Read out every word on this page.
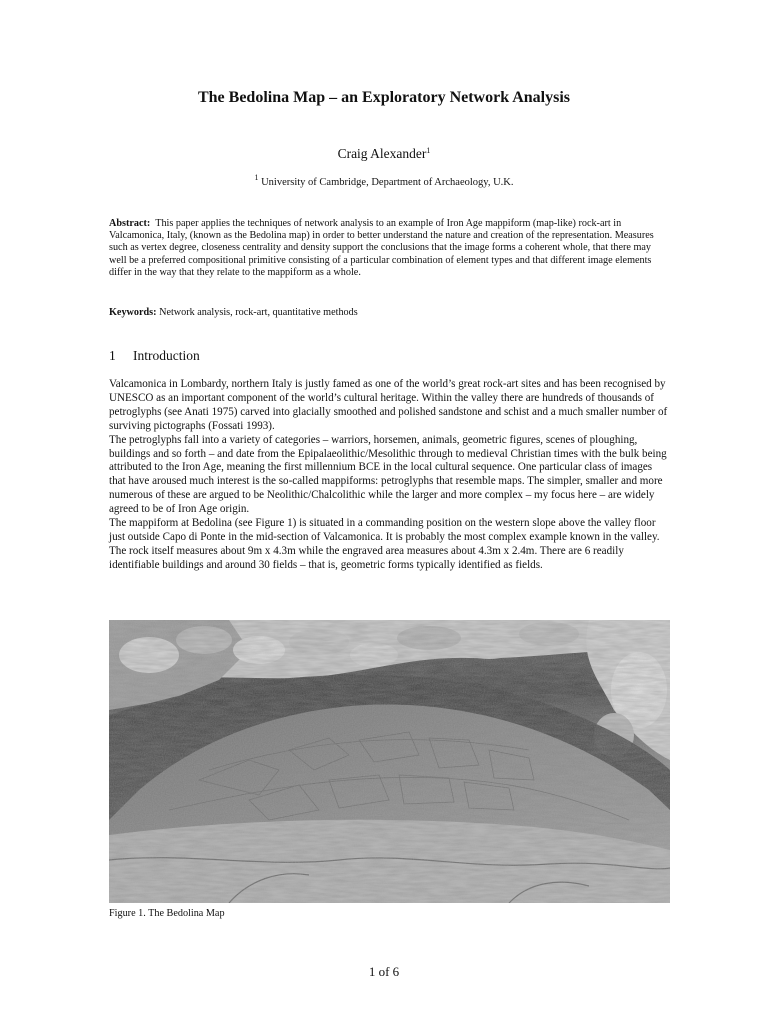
The Bedolina Map – an Exploratory Network Analysis
Craig Alexander$^1$
$^1$ University of Cambridge, Department of Archaeology, U.K.
Abstract: This paper applies the techniques of network analysis to an example of Iron Age mappiform (map-like) rock-art in Valcamonica, Italy, (known as the Bedolina map) in order to better understand the nature and creation of the representation. Measures such as vertex degree, closeness centrality and density support the conclusions that the image forms a coherent whole, that there may well be a preferred compositional primitive consisting of a particular combination of element types and that different image elements differ in the way that they relate to the mappiform as a whole.
Keywords: Network analysis, rock-art, quantitative methods
1 Introduction

Valcamonica in Lombardy, northern Italy is justly famed as one of the world’s great rock-art sites and has been recognised by UNESCO as an important component of the world’s cultural heritage. Within the valley there are hundreds of thousands of petroglyphs (see Anati 1975) carved into glacially smoothed and polished sandstone and schist and a much smaller number of surviving pictographs (Fossati 1993).

The petroglyphs fall into a variety of categories – warriors, horsemen, animals, geometric figures, scenes of ploughing, buildings and so forth – and date from the Epipalaeolithic/Mesolithic through to medieval Christian times with the bulk being attributed to the Iron Age, meaning the first millennium BCE in the local cultural sequence. One particular class of images that have aroused much interest is the so-called mappiforms: petroglyphs that resemble maps. The simpler, smaller and more numerous of these are argued to be Neolithic/Chalcolithic while the larger and more complex – my focus here – are widely agreed to be of Iron Age origin.

The mappiform at Bedolina (see Figure 1) is situated in a commanding position on the western slope above the valley floor just outside Capo di Ponte in the mid-section of Valcamonica. It is probably the most complex example known in the valley. The rock itself measures about 9m x 4.3m while the engraved area measures about 4.3m x 2.4m. There are 6 readily identifiable buildings and around 30 fields – that is, geometric forms typically identified as fields.

Figure 1. The Bedolina Map
1 of 6
